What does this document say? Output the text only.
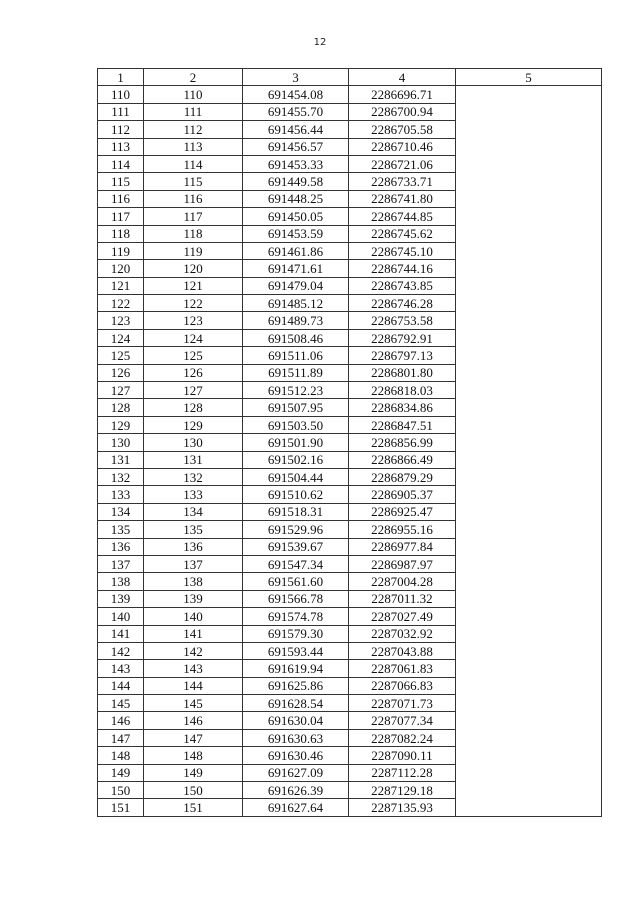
12
1	2	3	4	5
110	110	691454.08	2286696.71	
111	111	691455.70	2286700.94	
112	112	691456.44	2286705.58	
113	113	691456.57	2286710.46	
114	114	691453.33	2286721.06	
115	115	691449.58	2286733.71	
116	116	691448.25	2286741.80	
117	117	691450.05	2286744.85	
118	118	691453.59	2286745.62	
119	119	691461.86	2286745.10	
120	120	691471.61	2286744.16	
121	121	691479.04	2286743.85	
122	122	691485.12	2286746.28	
123	123	691489.73	2286753.58	
124	124	691508.46	2286792.91	
125	125	691511.06	2286797.13	
126	126	691511.89	2286801.80	
127	127	691512.23	2286818.03	
128	128	691507.95	2286834.86	
129	129	691503.50	2286847.51	
130	130	691501.90	2286856.99	
131	131	691502.16	2286866.49	
132	132	691504.44	2286879.29	
133	133	691510.62	2286905.37	
134	134	691518.31	2286925.47	
135	135	691529.96	2286955.16	
136	136	691539.67	2286977.84	
137	137	691547.34	2286987.97	
138	138	691561.60	2287004.28	
139	139	691566.78	2287011.32	
140	140	691574.78	2287027.49	
141	141	691579.30	2287032.92	
142	142	691593.44	2287043.88	
143	143	691619.94	2287061.83	
144	144	691625.86	2287066.83	
145	145	691628.54	2287071.73	
146	146	691630.04	2287077.34	
147	147	691630.63	2287082.24	
148	148	691630.46	2287090.11	
149	149	691627.09	2287112.28	
150	150	691626.39	2287129.18	
151	151	691627.64	2287135.93	
